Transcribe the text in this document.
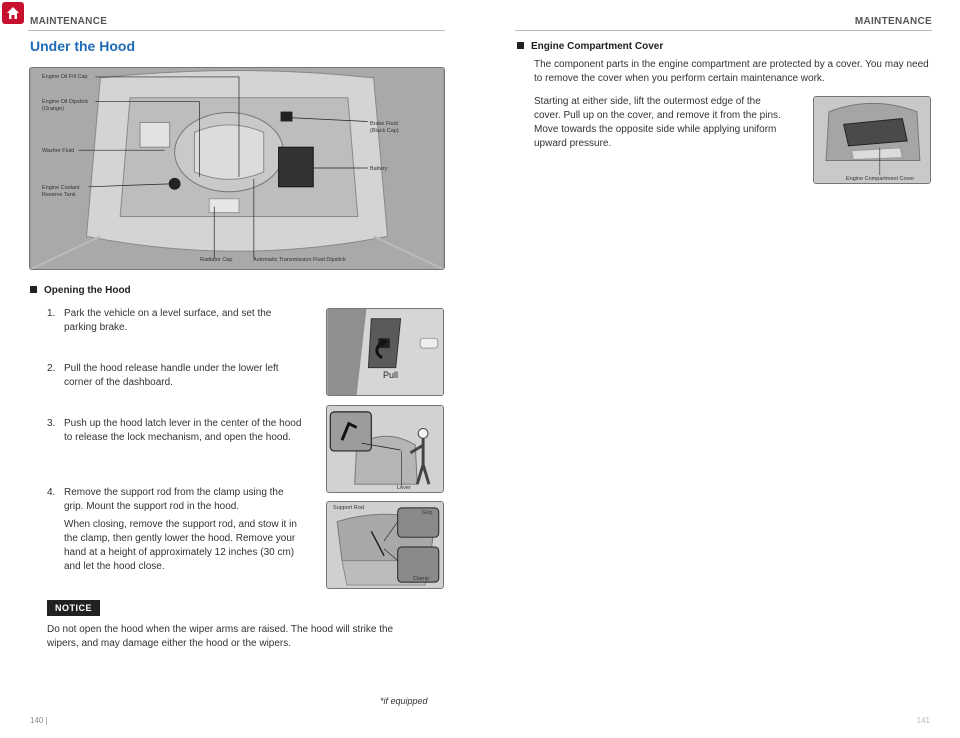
MAINTENANCE	MAINTENANCE
Under the Hood
Engine Oil Fill Cap
Engine Oil Dipstick
(Orange)
Washer Fluid
Engine Coolant
Reserve Tank
Brake Fluid
(Black Cap)
Battery
Radiator Cap	Automatic Transmission Fluid Dipstick
Opening the Hood
1. Park the vehicle on a level surface, and set the parking brake.
2. Pull the hood release handle under the lower left corner of the dashboard.
3. Push up the hood latch lever in the center of the hood to release the lock mechanism, and open the hood.
4. Remove the support rod from the clamp using the grip. Mount the support rod in the hood.
When closing, remove the support rod, and stow it in the clamp, then gently lower the hood. Remove your hand at a height of approximately 12 inches (30 cm) and let the hood close.
Pull
Lever
Support Rod
Grip
Clamp
NOTICE
Do not open the hood when the wiper arms are raised. The hood will strike the wipers, and may damage either the hood or the wipers.
*if equipped
140 |
Engine Compartment Cover
The component parts in the engine compartment are protected by a cover. You may need to remove the cover when you perform certain maintenance work.
Starting at either side, lift the outermost edge of the cover. Pull up on the cover, and remove it from the pins. Move towards the opposite side while applying uniform upward pressure.
Engine Compartment Cover
141
